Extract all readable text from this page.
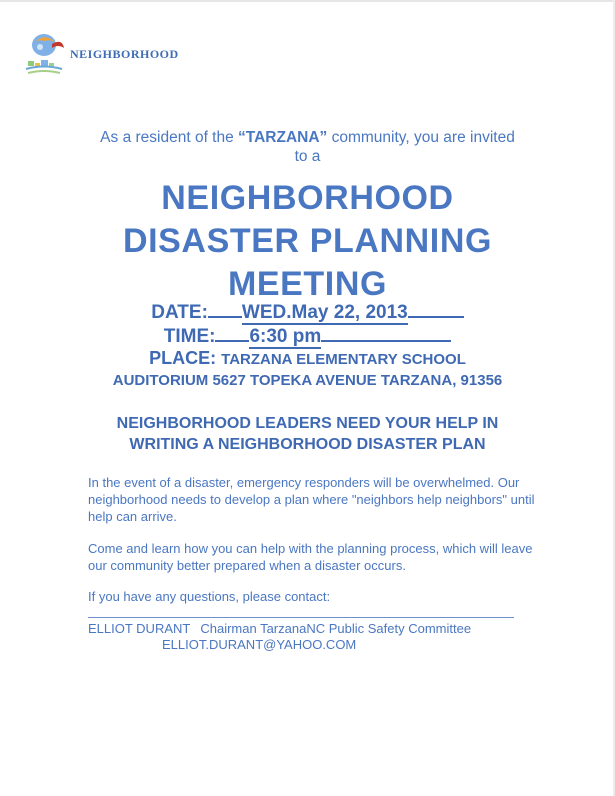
NEIGHBORHOOD
As a resident of the “TARZANA” community, you are invited
to a
NEIGHBORHOOD
DISASTER PLANNING
MEETING
DATE: WED.May 22, 2013
TIME: 6:30 pm
PLACE: TARZANA ELEMENTARY SCHOOL
AUDITORIUM 5627 TOPEKA AVENUE TARZANA, 91356
NEIGHBORHOOD LEADERS NEED YOUR HELP IN
WRITING A NEIGHBORHOOD DISASTER PLAN
In the event of a disaster, emergency responders will be overwhelmed. Our neighborhood needs to develop a plan where "neighbors help neighbors" until help can arrive.
Come and learn how you can help with the planning process, which will leave our community better prepared when a disaster occurs.
If you have any questions, please contact:
ELLIOT DURANT Chairman TarzanaNC Public Safety Committee
ELLIOT.DURANT@YAHOO.COM
